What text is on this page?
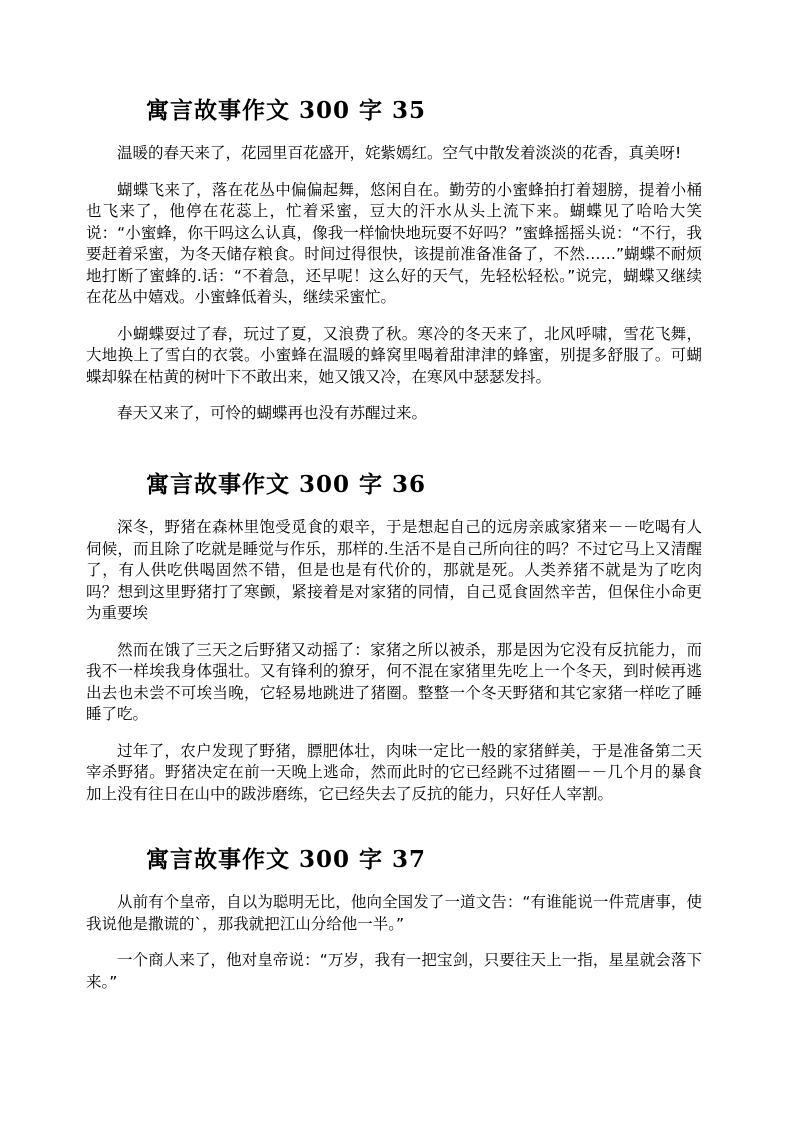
寓言故事作文 300 字 35

温暖的春天来了，花园里百花盛开，姹紫嫣红。空气中散发着淡淡的花香，真美呀!

蝴蝶飞来了，落在花丛中偏偏起舞，悠闲自在。勤劳的小蜜蜂拍打着翅膀，提着小桶也飞来了，他停在花蕊上，忙着采蜜，豆大的汗水从头上流下来。蝴蝶见了哈哈大笑说：“小蜜蜂，你干吗这么认真，像我一样愉快地玩耍不好吗？”蜜蜂摇摇头说：“不行，我要赶着采蜜，为冬天储存粮食。时间过得很快，该提前准备准备了，不然……”蝴蝶不耐烦地打断了蜜蜂的.话：“不着急，还早呢！这么好的天气，先轻松轻松。”说完，蝴蝶又继续在花丛中嬉戏。小蜜蜂低着头，继续采蜜忙。

小蝴蝶耍过了春，玩过了夏，又浪费了秋。寒冷的冬天来了，北风呼啸，雪花飞舞，大地换上了雪白的衣裳。小蜜蜂在温暖的蜂窝里喝着甜津津的蜂蜜，别提多舒服了。可蝴蝶却躲在枯黄的树叶下不敢出来，她又饿又冷，在寒风中瑟瑟发抖。

春天又来了，可怜的蝴蝶再也没有苏醒过来。

寓言故事作文 300 字 36

深冬，野猪在森林里饱受觅食的艰辛，于是想起自己的远房亲戚家猪来－－吃喝有人伺候，而且除了吃就是睡觉与作乐，那样的.生活不是自己所向往的吗？不过它马上又清醒了，有人供吃供喝固然不错，但是也是有代价的，那就是死。人类养猪不就是为了吃肉吗？想到这里野猪打了寒颤，紧接着是对家猪的同情，自己觅食固然辛苦，但保住小命更为重要埃

然而在饿了三天之后野猪又动摇了：家猪之所以被杀，那是因为它没有反抗能力，而我不一样埃我身体强壮。又有锋利的獠牙，何不混在家猪里先吃上一个冬天，到时候再逃出去也未尝不可埃当晚，它轻易地跳进了猪圈。整整一个冬天野猪和其它家猪一样吃了睡睡了吃。

过年了，农户发现了野猪，膘肥体壮，肉味一定比一般的家猪鲜美，于是准备第二天宰杀野猪。野猪决定在前一天晚上逃命，然而此时的它已经跳不过猪圈－－几个月的暴食加上没有往日在山中的跋涉磨练，它已经失去了反抗的能力，只好任人宰割。

寓言故事作文 300 字 37

从前有个皇帝，自以为聪明无比，他向全国发了一道文告：“有谁能说一件荒唐事，使我说他是撒谎的`，那我就把江山分给他一半。”

一个商人来了，他对皇帝说：“万岁，我有一把宝剑，只要往天上一指，星星就会落下来。”
